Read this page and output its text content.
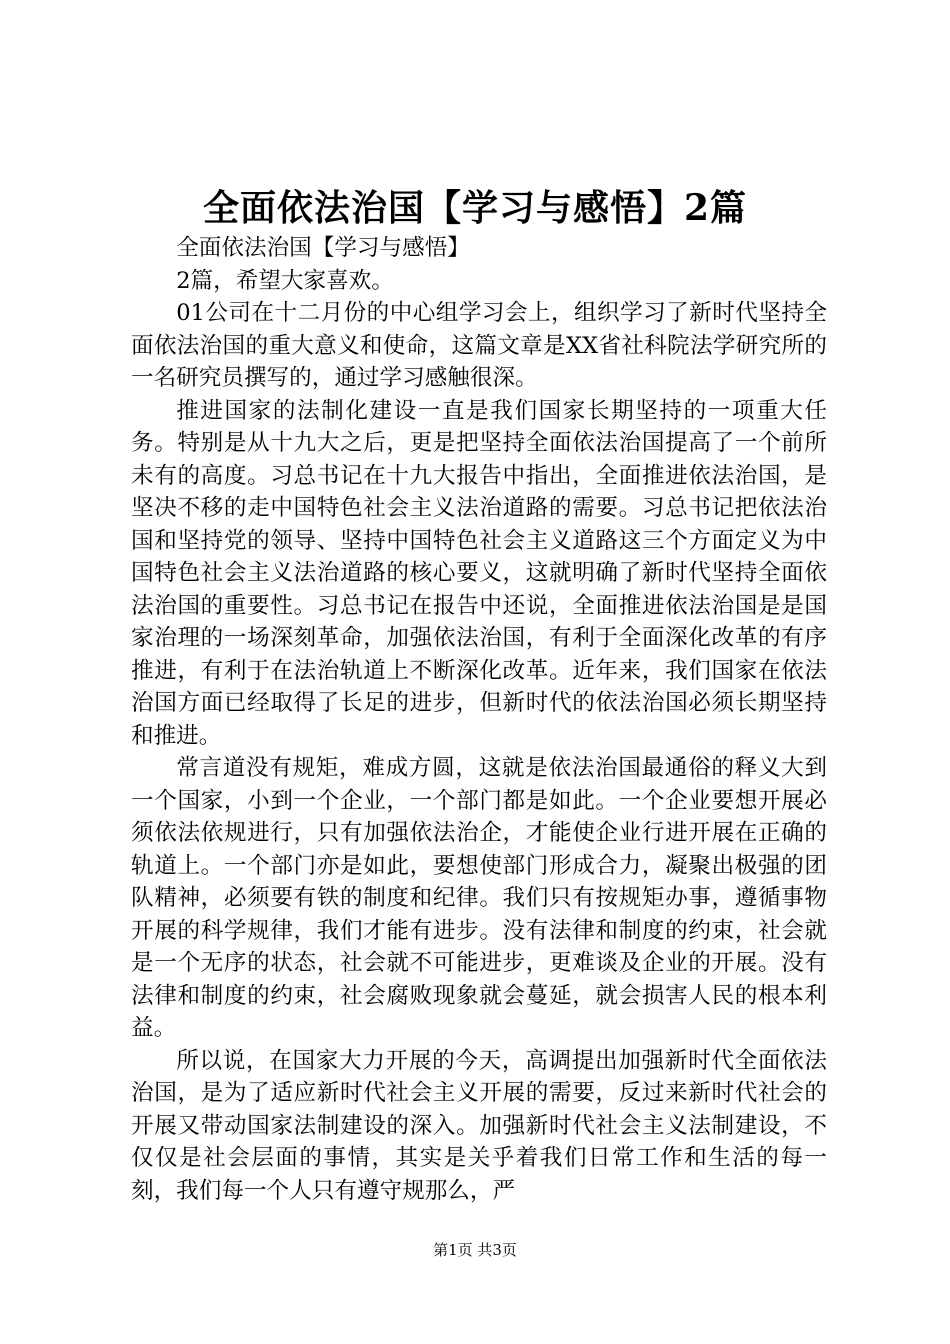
全面依法治国【学习与感悟】2篇

全面依法治国【学习与感悟】

2篇，希望大家喜欢。

01公司在十二月份的中心组学习会上，组织学习了新时代坚持全面依法治国的重大意义和使命，这篇文章是XX省社科院法学研究所的一名研究员撰写的，通过学习感触很深。

推进国家的法制化建设一直是我们国家长期坚持的一项重大任务。特别是从十九大之后，更是把坚持全面依法治国提高了一个前所未有的高度。习总书记在十九大报告中指出，全面推进依法治国，是坚决不移的走中国特色社会主义法治道路的需要。习总书记把依法治国和坚持党的领导、坚持中国特色社会主义道路这三个方面定义为中国特色社会主义法治道路的核心要义，这就明确了新时代坚持全面依法治国的重要性。习总书记在报告中还说，全面推进依法治国是是国家治理的一场深刻革命，加强依法治国，有利于全面深化改革的有序推进，有利于在法治轨道上不断深化改革。近年来，我们国家在依法治国方面已经取得了长足的进步，但新时代的依法治国必须长期坚持和推进。

常言道没有规矩，难成方圆，这就是依法治国最通俗的释义大到一个国家，小到一个企业，一个部门都是如此。一个企业要想开展必须依法依规进行，只有加强依法治企，才能使企业行进开展在正确的轨道上。一个部门亦是如此，要想使部门形成合力，凝聚出极强的团队精神，必须要有铁的制度和纪律。我们只有按规矩办事，遵循事物开展的科学规律，我们才能有进步。没有法律和制度的约束，社会就是一个无序的状态，社会就不可能进步，更难谈及企业的开展。没有法律和制度的约束，社会腐败现象就会蔓延，就会损害人民的根本利益。

所以说，在国家大力开展的今天，高调提出加强新时代全面依法治国，是为了适应新时代社会主义开展的需要，反过来新时代社会的开展又带动国家法制建设的深入。加强新时代社会主义法制建设，不仅仅是社会层面的事情，其实是关乎着我们日常工作和生活的每一刻，我们每一个人只有遵守规那么，严

第1页 共3页
